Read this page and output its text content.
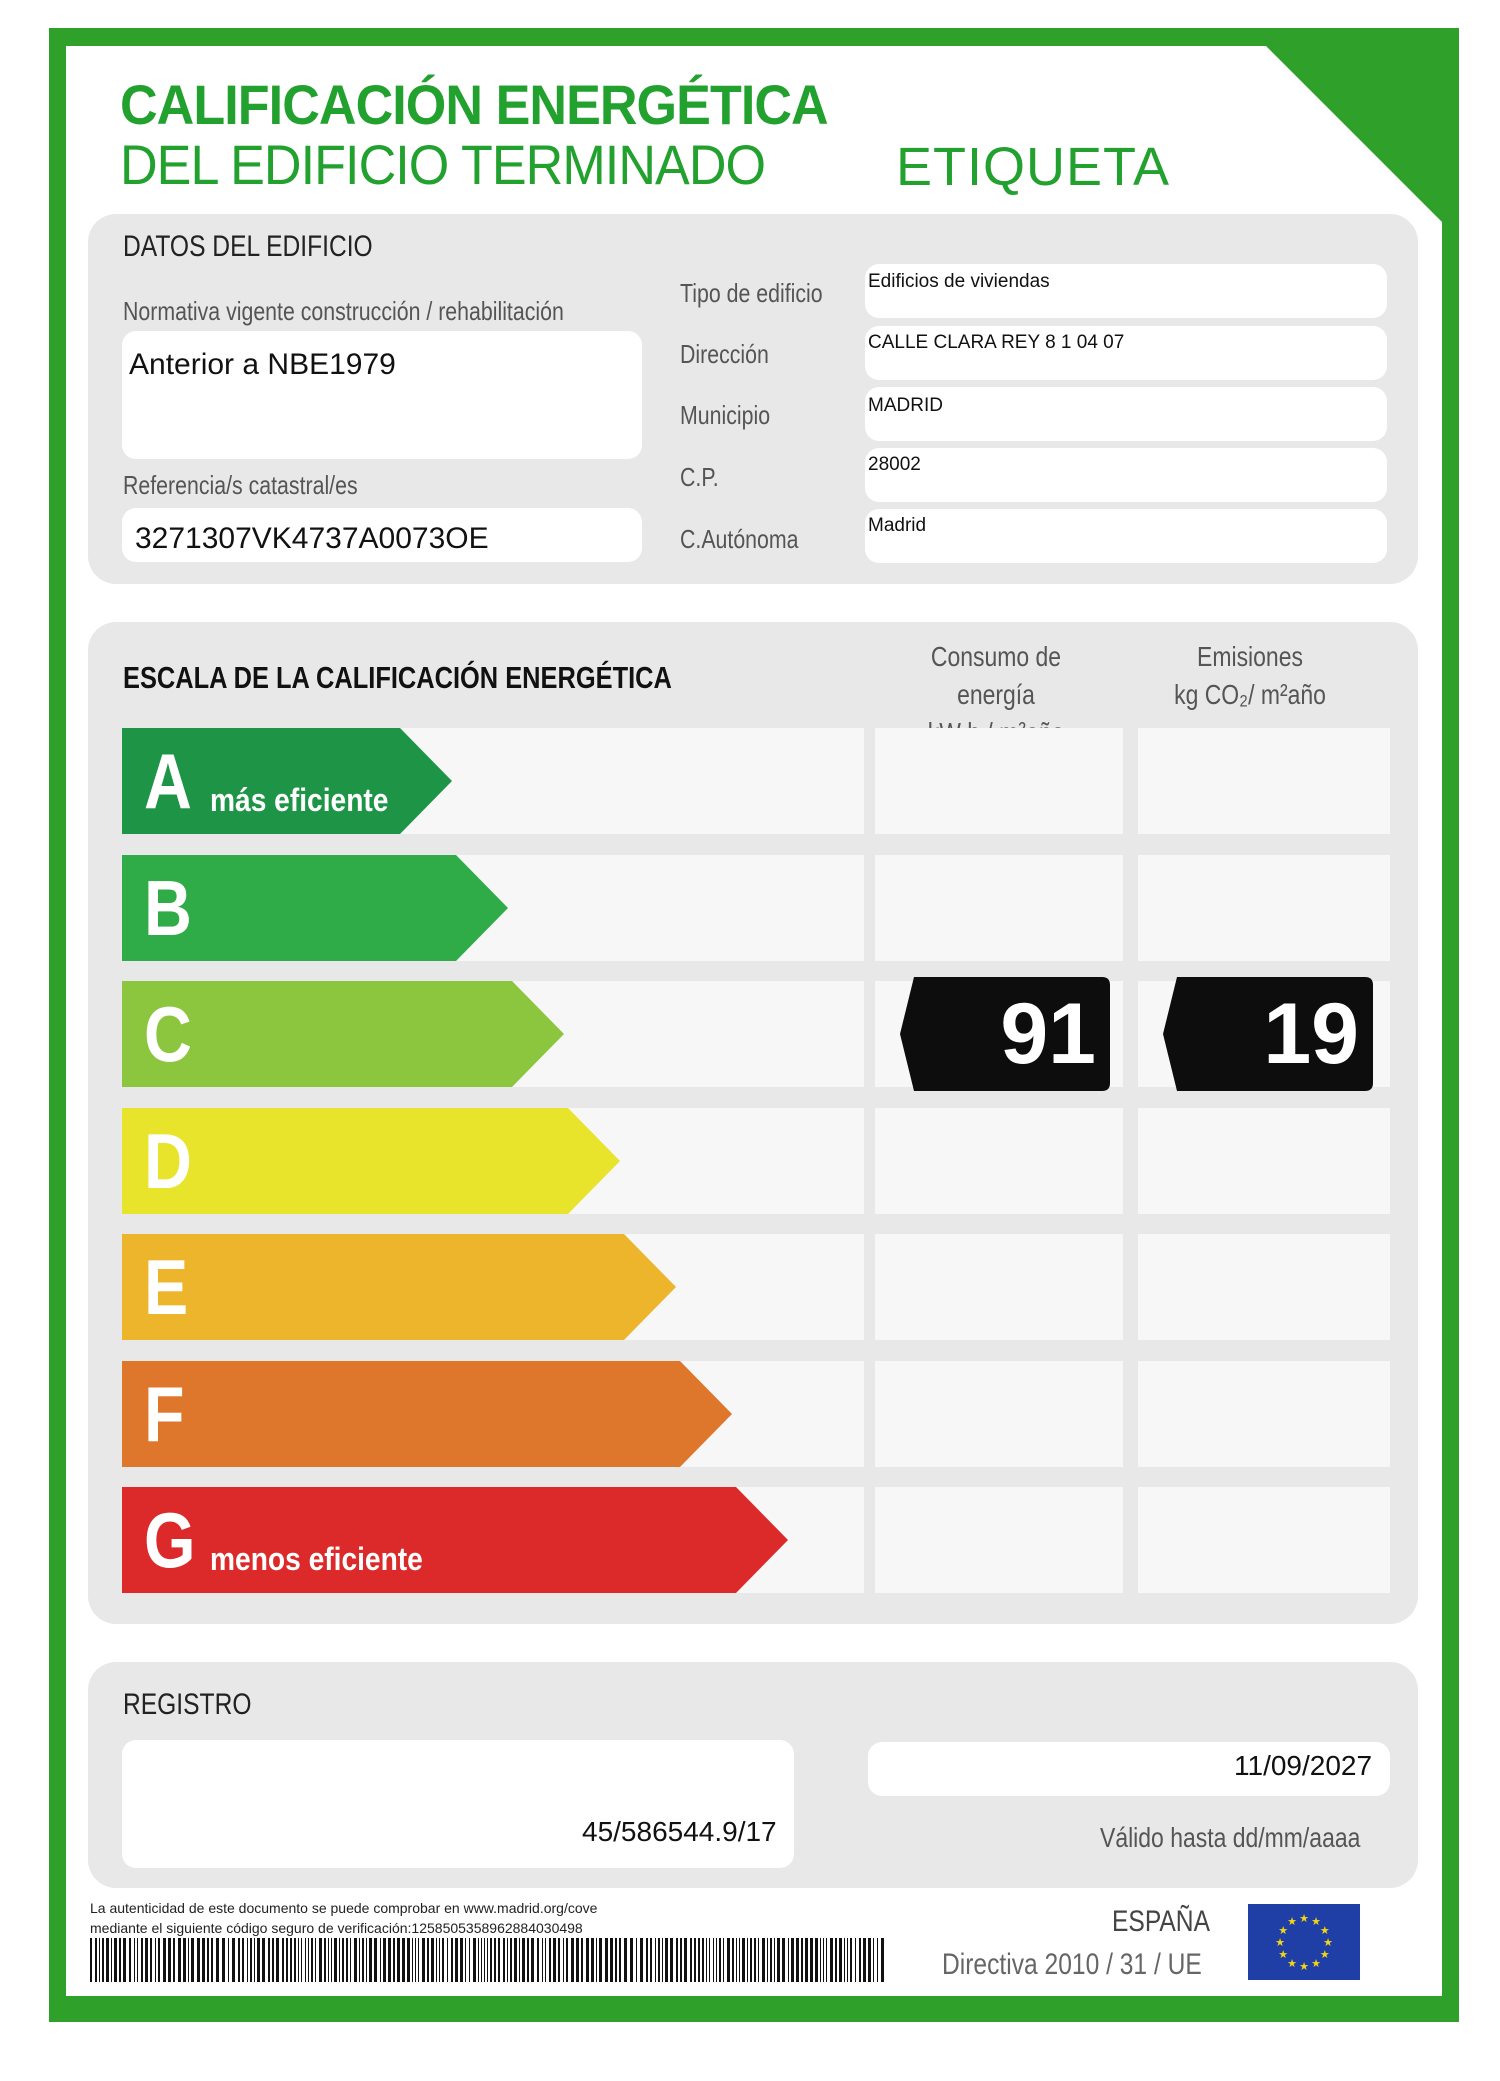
CALIFICACIÓN ENERGÉTICA
DEL EDIFICIO TERMINADO ETIQUETA
DATOS DEL EDIFICIO
Normativa vigente construcción / rehabilitación
Anterior a NBE1979
Referencia/s catastral/es
3271307VK4737A0073OE
Tipo de edificio
Dirección
Municipio
C.P.
C.Autónoma
Edificios de viviendas
CALLE CLARA REY 8 1 04 07
MADRID
28002
Madrid
ESCALA DE LA CALIFICACIÓN ENERGÉTICA
Consumo de energía
Emisiones
kg CO₂/ m²año
A más eficiente
B
C	91 19
D
E
F
G menos eficiente
REGISTRO
45/586544.9/17
11/09/2027
Válido hasta dd/mm/aaaa
La autenticidad de este documento se puede comprobar en www.madrid.org/cove
mediante el siguiente código seguro de verificación:1258505358962884030498	ESPAÑA
Directiva 2010 / 31 / UE
★
★
★
★
★
★
★
★
★ ★ ★
★
